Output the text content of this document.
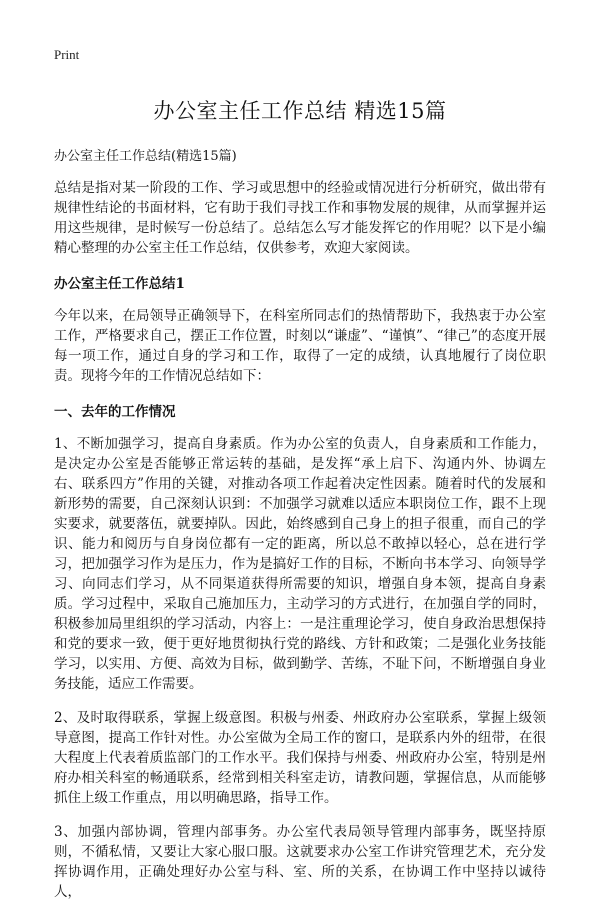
Print
办公室主任工作总结 精选15篇
办公室主任工作总结(精选15篇)

总结是指对某一阶段的工作、学习或思想中的经验或情况进行分析研究，做出带有规律性结论的书面材料，它有助于我们寻找工作和事物发展的规律，从而掌握并运用这些规律，是时候写一份总结了。总结怎么写才能发挥它的作用呢？以下是小编精心整理的办公室主任工作总结，仅供参考，欢迎大家阅读。

办公室主任工作总结1

今年以来，在局领导正确领导下，在科室所同志们的热情帮助下，我热衷于办公室工作，严格要求自己，摆正工作位置，时刻以“谦虚”、“谨慎”、“律己”的态度开展每一项工作，通过自身的学习和工作，取得了一定的成绩，认真地履行了岗位职责。现将今年的工作情况总结如下：

一、去年的工作情况

1、不断加强学习，提高自身素质。作为办公室的负责人，自身素质和工作能力，是决定办公室是否能够正常运转的基础，是发挥“承上启下、沟通内外、协调左右、联系四方”作用的关键，对推动各项工作起着决定性因素。随着时代的发展和新形势的需要，自己深刻认识到：不加强学习就难以适应本职岗位工作，跟不上现实要求，就要落伍，就要掉队。因此，始终感到自己身上的担子很重，而自己的学识、能力和阅历与自身岗位都有一定的距离，所以总不敢掉以轻心，总在进行学习，把加强学习作为是压力，作为是搞好工作的目标，不断向书本学习、向领导学习、向同志们学习，从不同渠道获得所需要的知识，增强自身本领，提高自身素质。学习过程中，采取自己施加压力，主动学习的方式进行，在加强自学的同时，积极参加局里组织的学习活动，内容上：一是注重理论学习，使自身政治思想保持和党的要求一致，便于更好地贯彻执行党的路线、方针和政策；二是强化业务技能学习，以实用、方便、高效为目标，做到勤学、苦练，不耻下问，不断增强自身业务技能，适应工作需要。

2、及时取得联系，掌握上级意图。积极与州委、州政府办公室联系，掌握上级领导意图，提高工作针对性。办公室做为全局工作的窗口，是联系内外的纽带，在很大程度上代表着质监部门的工作水平。我们保持与州委、州政府办公室，特别是州府办相关科室的畅通联系，经常到相关科室走访，请教问题，掌握信息，从而能够抓住上级工作重点，用以明确思路，指导工作。

3、加强内部协调，管理内部事务。办公室代表局领导管理内部事务，既坚持原则，不循私情，又要让大家心服口服。这就要求办公室工作讲究管理艺术，充分发挥协调作用，正确处理好办公室与科、室、所的关系，在协调工作中坚持以诚待人，
